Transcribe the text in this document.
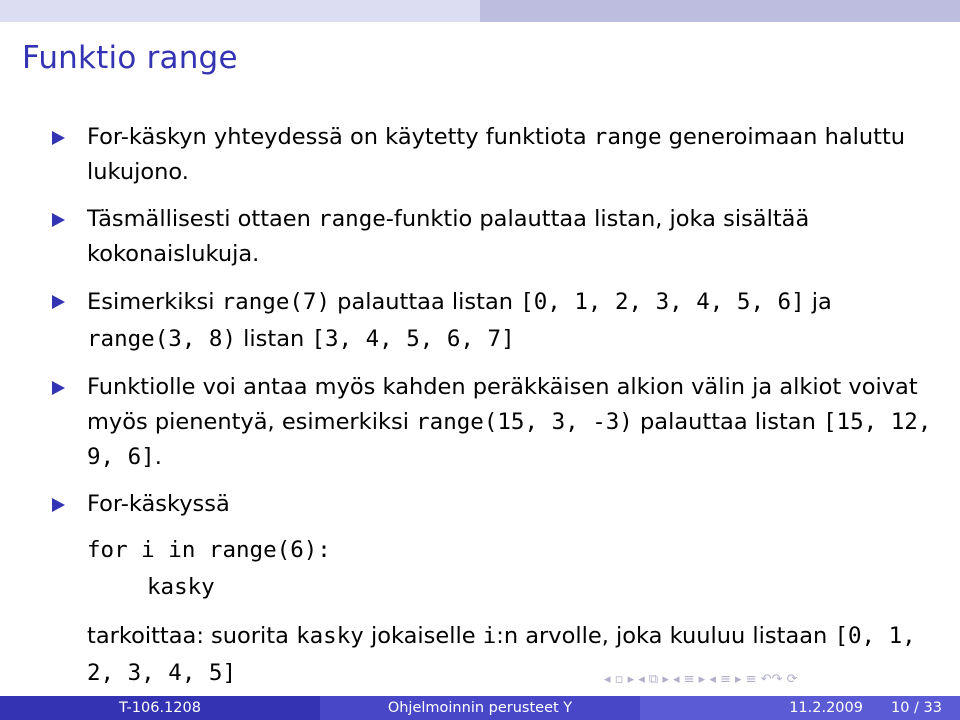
Funktio range
For-käskyn yhteydessä on käytetty funktiota range generoimaan haluttu lukujono.
Täsmällisesti ottaen range-funktio palauttaa listan, joka sisältää kokonaislukuja.
Esimerkiksi range(7) palauttaa listan [0, 1, 2, 3, 4, 5, 6] ja range(3, 8) listan [3, 4, 5, 6, 7]
Funktiolle voi antaa myös kahden peräkkäisen alkion välin ja alkiot voivat myös pienentyä, esimerkiksi range(15, 3, -3) palauttaa listan [15, 12, 9, 6].
For-käskyssä
for i in range(6):
kasky
tarkoittaa: suorita kasky jokaiselle i:n arvolle, joka kuuluu listaan [0, 1, 2, 3, 4, 5]	◂ ▫ ▸ ◂ ⧉ ▸ ◂ ≡ ▸ ◂ ≡ ▸ ≡ ↶↷ ⟳
T-106.1208	Ohjelmoinnin perusteet Y	11.2.2009 10 / 33
